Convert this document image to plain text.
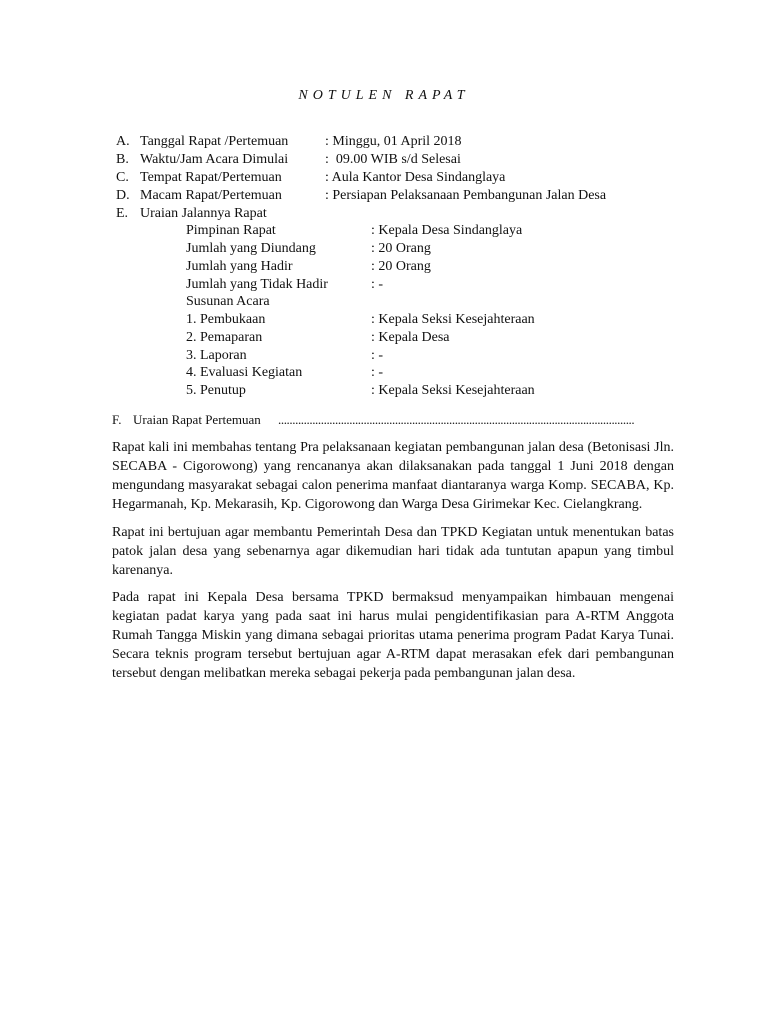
NOTULEN RAPAT
A. Tanggal Rapat /Pertemuan	: Minggu, 01 April 2018
B. Waktu/Jam Acara Dimulai	:  09.00 WIB s/d Selesai
C. Tempat Rapat/Pertemuan	: Aula Kantor Desa Sindanglaya
D. Macam Rapat/Pertemuan	: Persiapan Pelaksanaan Pembangunan Jalan Desa
E. Uraian Jalannya Rapat
Pimpinan Rapat	: Kepala Desa Sindanglaya
Jumlah yang Diundang	: 20 Orang
Jumlah yang Hadir	: 20 Orang
Jumlah yang Tidak Hadir	: -
Susunan Acara
1. Pembukaan	: Kepala Seksi Kesejahteraan
2. Pemaparan	: Kepala Desa
3. Laporan	: -
4. Evaluasi Kegiatan	: -
5. Penutup	: Kepala Seksi Kesejahteraan
F. Uraian Rapat Pertemuan .............................................................................................................................
Rapat kali ini membahas tentang Pra pelaksanaan kegiatan pembangunan jalan desa (Betonisasi Jln. SECABA - Cigorowong) yang rencananya akan dilaksanakan pada tanggal 1 Juni 2018 dengan mengundang masyarakat sebagai calon penerima manfaat diantaranya warga Komp. SECABA, Kp. Hegarmanah, Kp. Mekarasih, Kp. Cigorowong dan Warga Desa Girimekar Kec. Cielangkrang.
Rapat ini bertujuan agar membantu Pemerintah Desa dan TPKD Kegiatan untuk menentukan batas patok jalan desa yang sebenarnya agar dikemudian hari tidak ada tuntutan apapun yang timbul karenanya.
Pada rapat ini Kepala Desa bersama TPKD bermaksud menyampaikan himbauan mengenai kegiatan padat karya yang pada saat ini harus mulai pengidentifikasian para A-RTM Anggota Rumah Tangga Miskin yang dimana sebagai prioritas utama penerima program Padat Karya Tunai. Secara teknis program tersebut bertujuan agar A-RTM dapat merasakan efek dari pembangunan tersebut dengan melibatkan mereka sebagai pekerja pada pembangunan jalan desa.
